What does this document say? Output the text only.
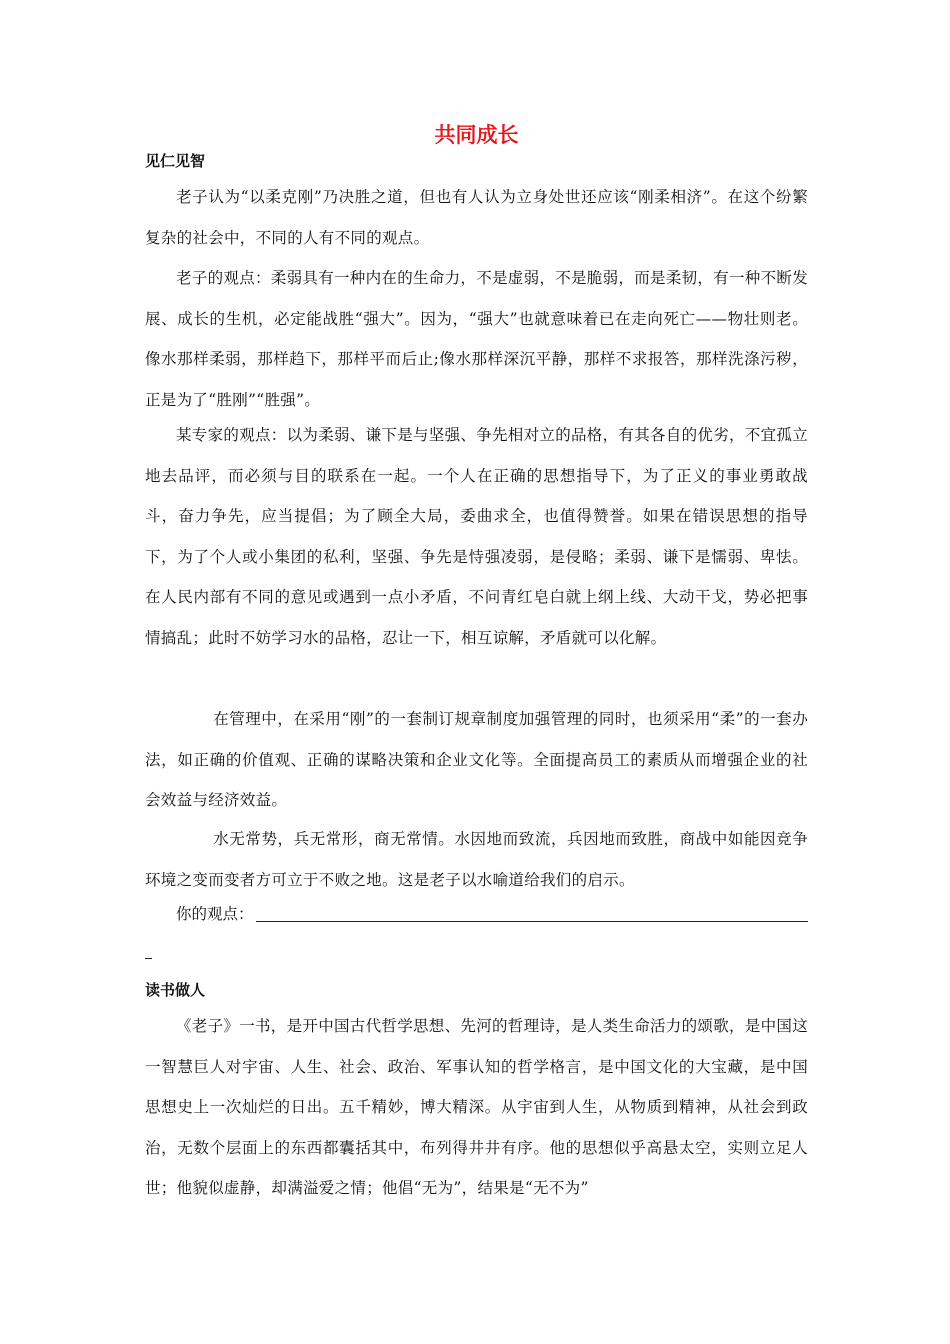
共同成长
见仁见智

老子认为“以柔克刚”乃决胜之道，但也有人认为立身处世还应该“刚柔相济”。在这个纷繁复杂的社会中，不同的人有不同的观点。

老子的观点：柔弱具有一种内在的生命力，不是虚弱，不是脆弱，而是柔韧，有一种不断发展、成长的生机，必定能战胜“强大”。因为，“强大”也就意味着已在走向死亡——物壮则老。像水那样柔弱，那样趋下，那样平而后止;像水那样深沉平静，那样不求报答，那样洗涤污秽，正是为了“胜刚”“胜强”。

某专家的观点：以为柔弱、谦下是与坚强、争先相对立的品格，有其各自的优劣，不宜孤立地去品评，而必须与目的联系在一起。一个人在正确的思想指导下，为了正义的事业勇敢战斗，奋力争先，应当提倡；为了顾全大局，委曲求全，也值得赞誉。如果在错误思想的指导下，为了个人或小集团的私利，坚强、争先是恃强凌弱，是侵略；柔弱、谦下是懦弱、卑怯。在人民内部有不同的意见或遇到一点小矛盾，不问青红皂白就上纲上线、大动干戈，势必把事情搞乱；此时不妨学习水的品格，忍让一下，相互谅解，矛盾就可以化解。

在管理中，在采用“刚”的一套制订规章制度加强管理的同时，也须采用“柔”的一套办法，如正确的价值观、正确的谋略决策和企业文化等。全面提高员工的素质从而增强企业的社会效益与经济效益。

水无常势，兵无常形，商无常情。水因地而致流，兵因地而致胜，商战中如能因竞争环境之变而变者方可立于不败之地。这是老子以水喻道给我们的启示。

你的观点：
读书做人

《老子》一书，是开中国古代哲学思想、先河的哲理诗，是人类生命活力的颂歌，是中国这一智慧巨人对宇宙、人生、社会、政治、军事认知的哲学格言，是中国文化的大宝藏，是中国思想史上一次灿烂的日出。五千精妙，博大精深。从宇宙到人生，从物质到精神，从社会到政治，无数个层面上的东西都囊括其中，布列得井井有序。他的思想似乎高悬太空，实则立足人世；他貌似虚静，却满溢爱之情；他倡“无为”，结果是“无不为”
